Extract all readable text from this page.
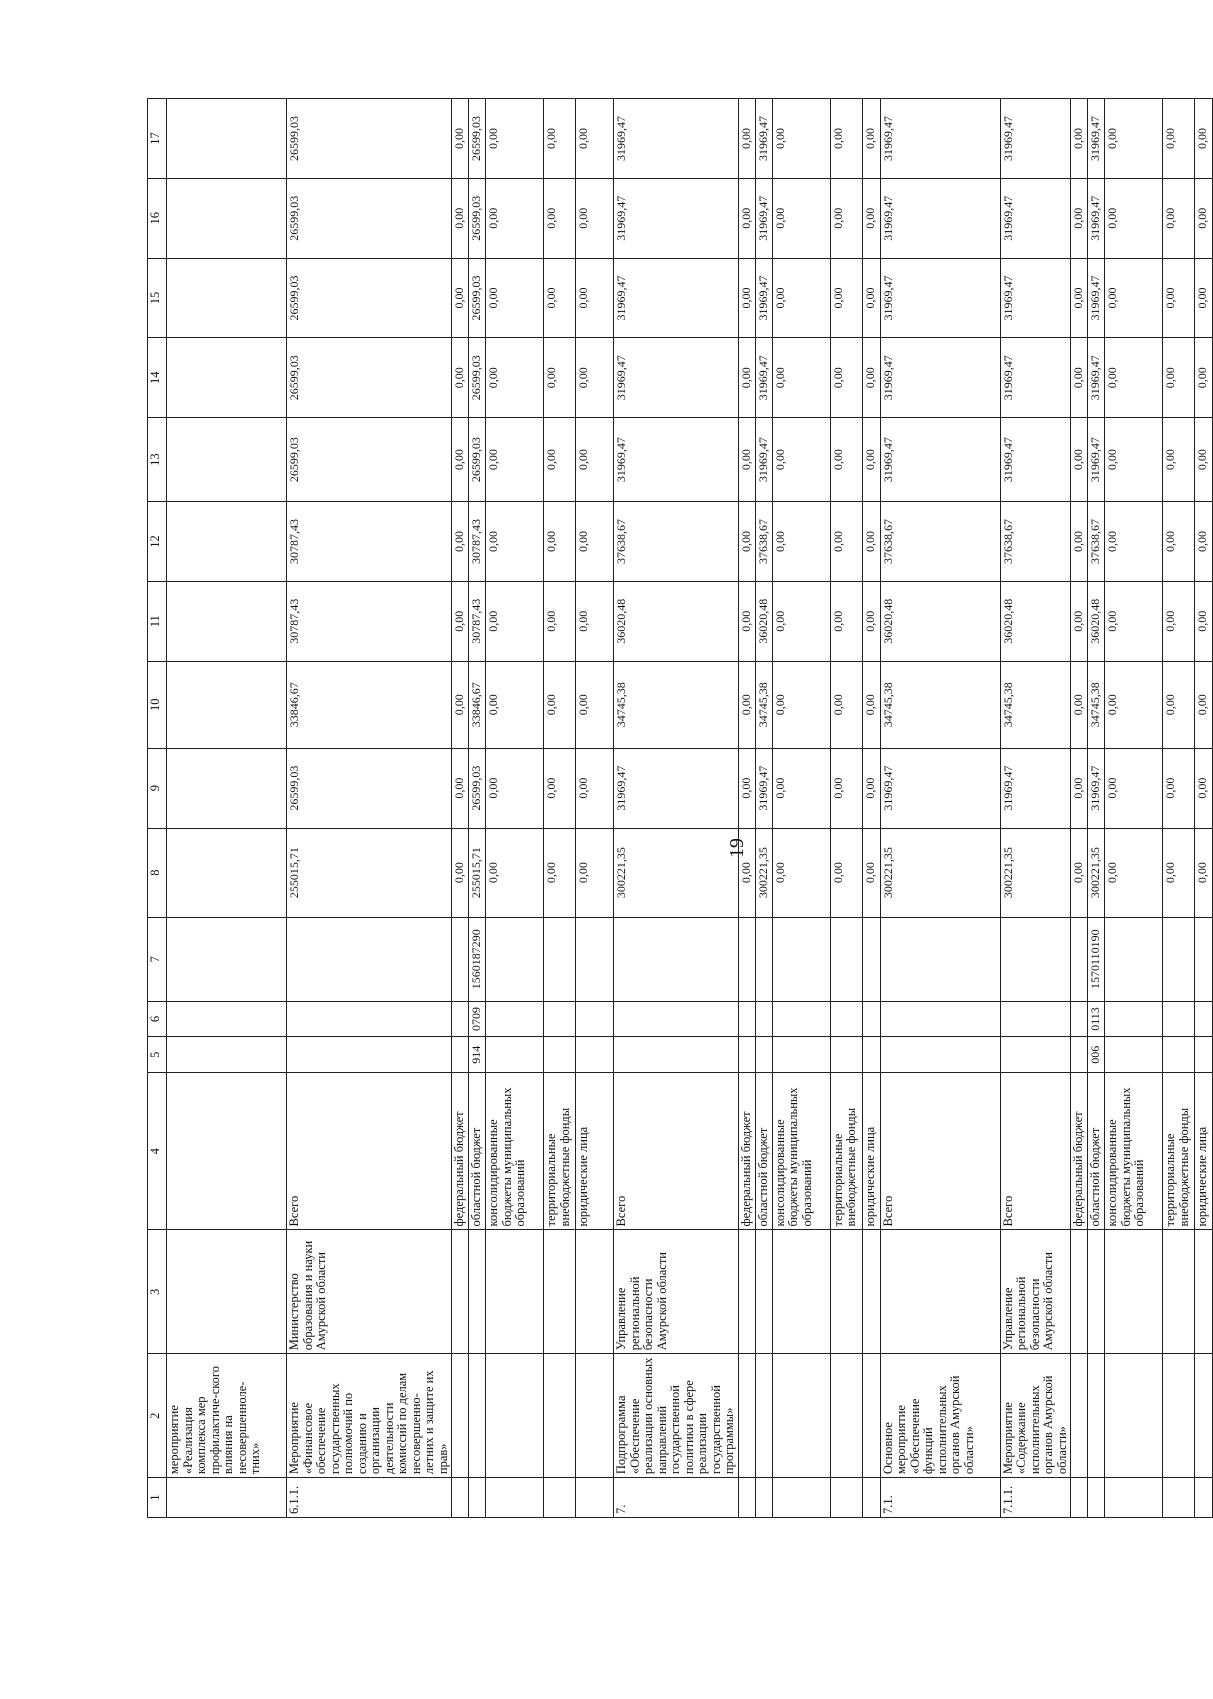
19
1	2	3	4	5	6	7	8	9	10	11	12	13	14	15	16	17
	мероприятие «Реализация комплекса мер профилактиче-ского влияния на несовершенноле-тних»															
6.1.1.	Мероприятие «Финансовое обеспечение государственных полномочий по созданию и организации деятельности комиссий по делам несовершенно-летних и защите их прав»	Министерство образования и науки Амурской области	Всего				255015,71	26599,03	33846,67	30787,43	30787,43	26599,03	26599,03	26599,03	26599,03	26599,03
			федеральный бюджет				0,00	0,00	0,00	0,00	0,00	0,00	0,00	0,00	0,00	0,00
			областной бюджет	914	0709	1560187290	255015,71	26599,03	33846,67	30787,43	30787,43	26599,03	26599,03	26599,03	26599,03	26599,03
			консолидированные бюджеты муниципальных образований				0,00	0,00	0,00	0,00	0,00	0,00	0,00	0,00	0,00	0,00
			территориальные внебюджетные фонды				0,00	0,00	0,00	0,00	0,00	0,00	0,00	0,00	0,00	0,00
			юридические лица				0,00	0,00	0,00	0,00	0,00	0,00	0,00	0,00	0,00	0,00
7.	Подпрограмма «Обеспечение реализации основных направлений государственной политики в сфере реализации государственной программы»	Управление региональной безопасности Амурской области	Всего				300221,35	31969,47	34745,38	36020,48	37638,67	31969,47	31969,47	31969,47	31969,47	31969,47
			федеральный бюджет				0,00	0,00	0,00	0,00	0,00	0,00	0,00	0,00	0,00	0,00
			областной бюджет				300221,35	31969,47	34745,38	36020,48	37638,67	31969,47	31969,47	31969,47	31969,47	31969,47
			консолидированные бюджеты муниципальных образований				0,00	0,00	0,00	0,00	0,00	0,00	0,00	0,00	0,00	0,00
			территориальные внебюджетные фонды				0,00	0,00	0,00	0,00	0,00	0,00	0,00	0,00	0,00	0,00
			юридические лица				0,00	0,00	0,00	0,00	0,00	0,00	0,00	0,00	0,00	0,00
7.1.	Основное мероприятие «Обеспечение функций исполнительных органов Амурской области»		Всего				300221,35	31969,47	34745,38	36020,48	37638,67	31969,47	31969,47	31969,47	31969,47	31969,47
7.1.1.	Мероприятие «Содержание исполнительных органов Амурской области»	Управление региональной безопасности Амурской области	Всего				300221,35	31969,47	34745,38	36020,48	37638,67	31969,47	31969,47	31969,47	31969,47	31969,47
			федеральный бюджет				0,00	0,00	0,00	0,00	0,00	0,00	0,00	0,00	0,00	0,00
			областной бюджет	006	0113	1570110190	300221,35	31969,47	34745,38	36020,48	37638,67	31969,47	31969,47	31969,47	31969,47	31969,47
			консолидированные бюджеты муниципальных образований				0,00	0,00	0,00	0,00	0,00	0,00	0,00	0,00	0,00	0,00
			территориальные внебюджетные фонды				0,00	0,00	0,00	0,00	0,00	0,00	0,00	0,00	0,00	0,00
			юридические лица				0,00	0,00	0,00	0,00	0,00	0,00	0,00	0,00	0,00	0,00
